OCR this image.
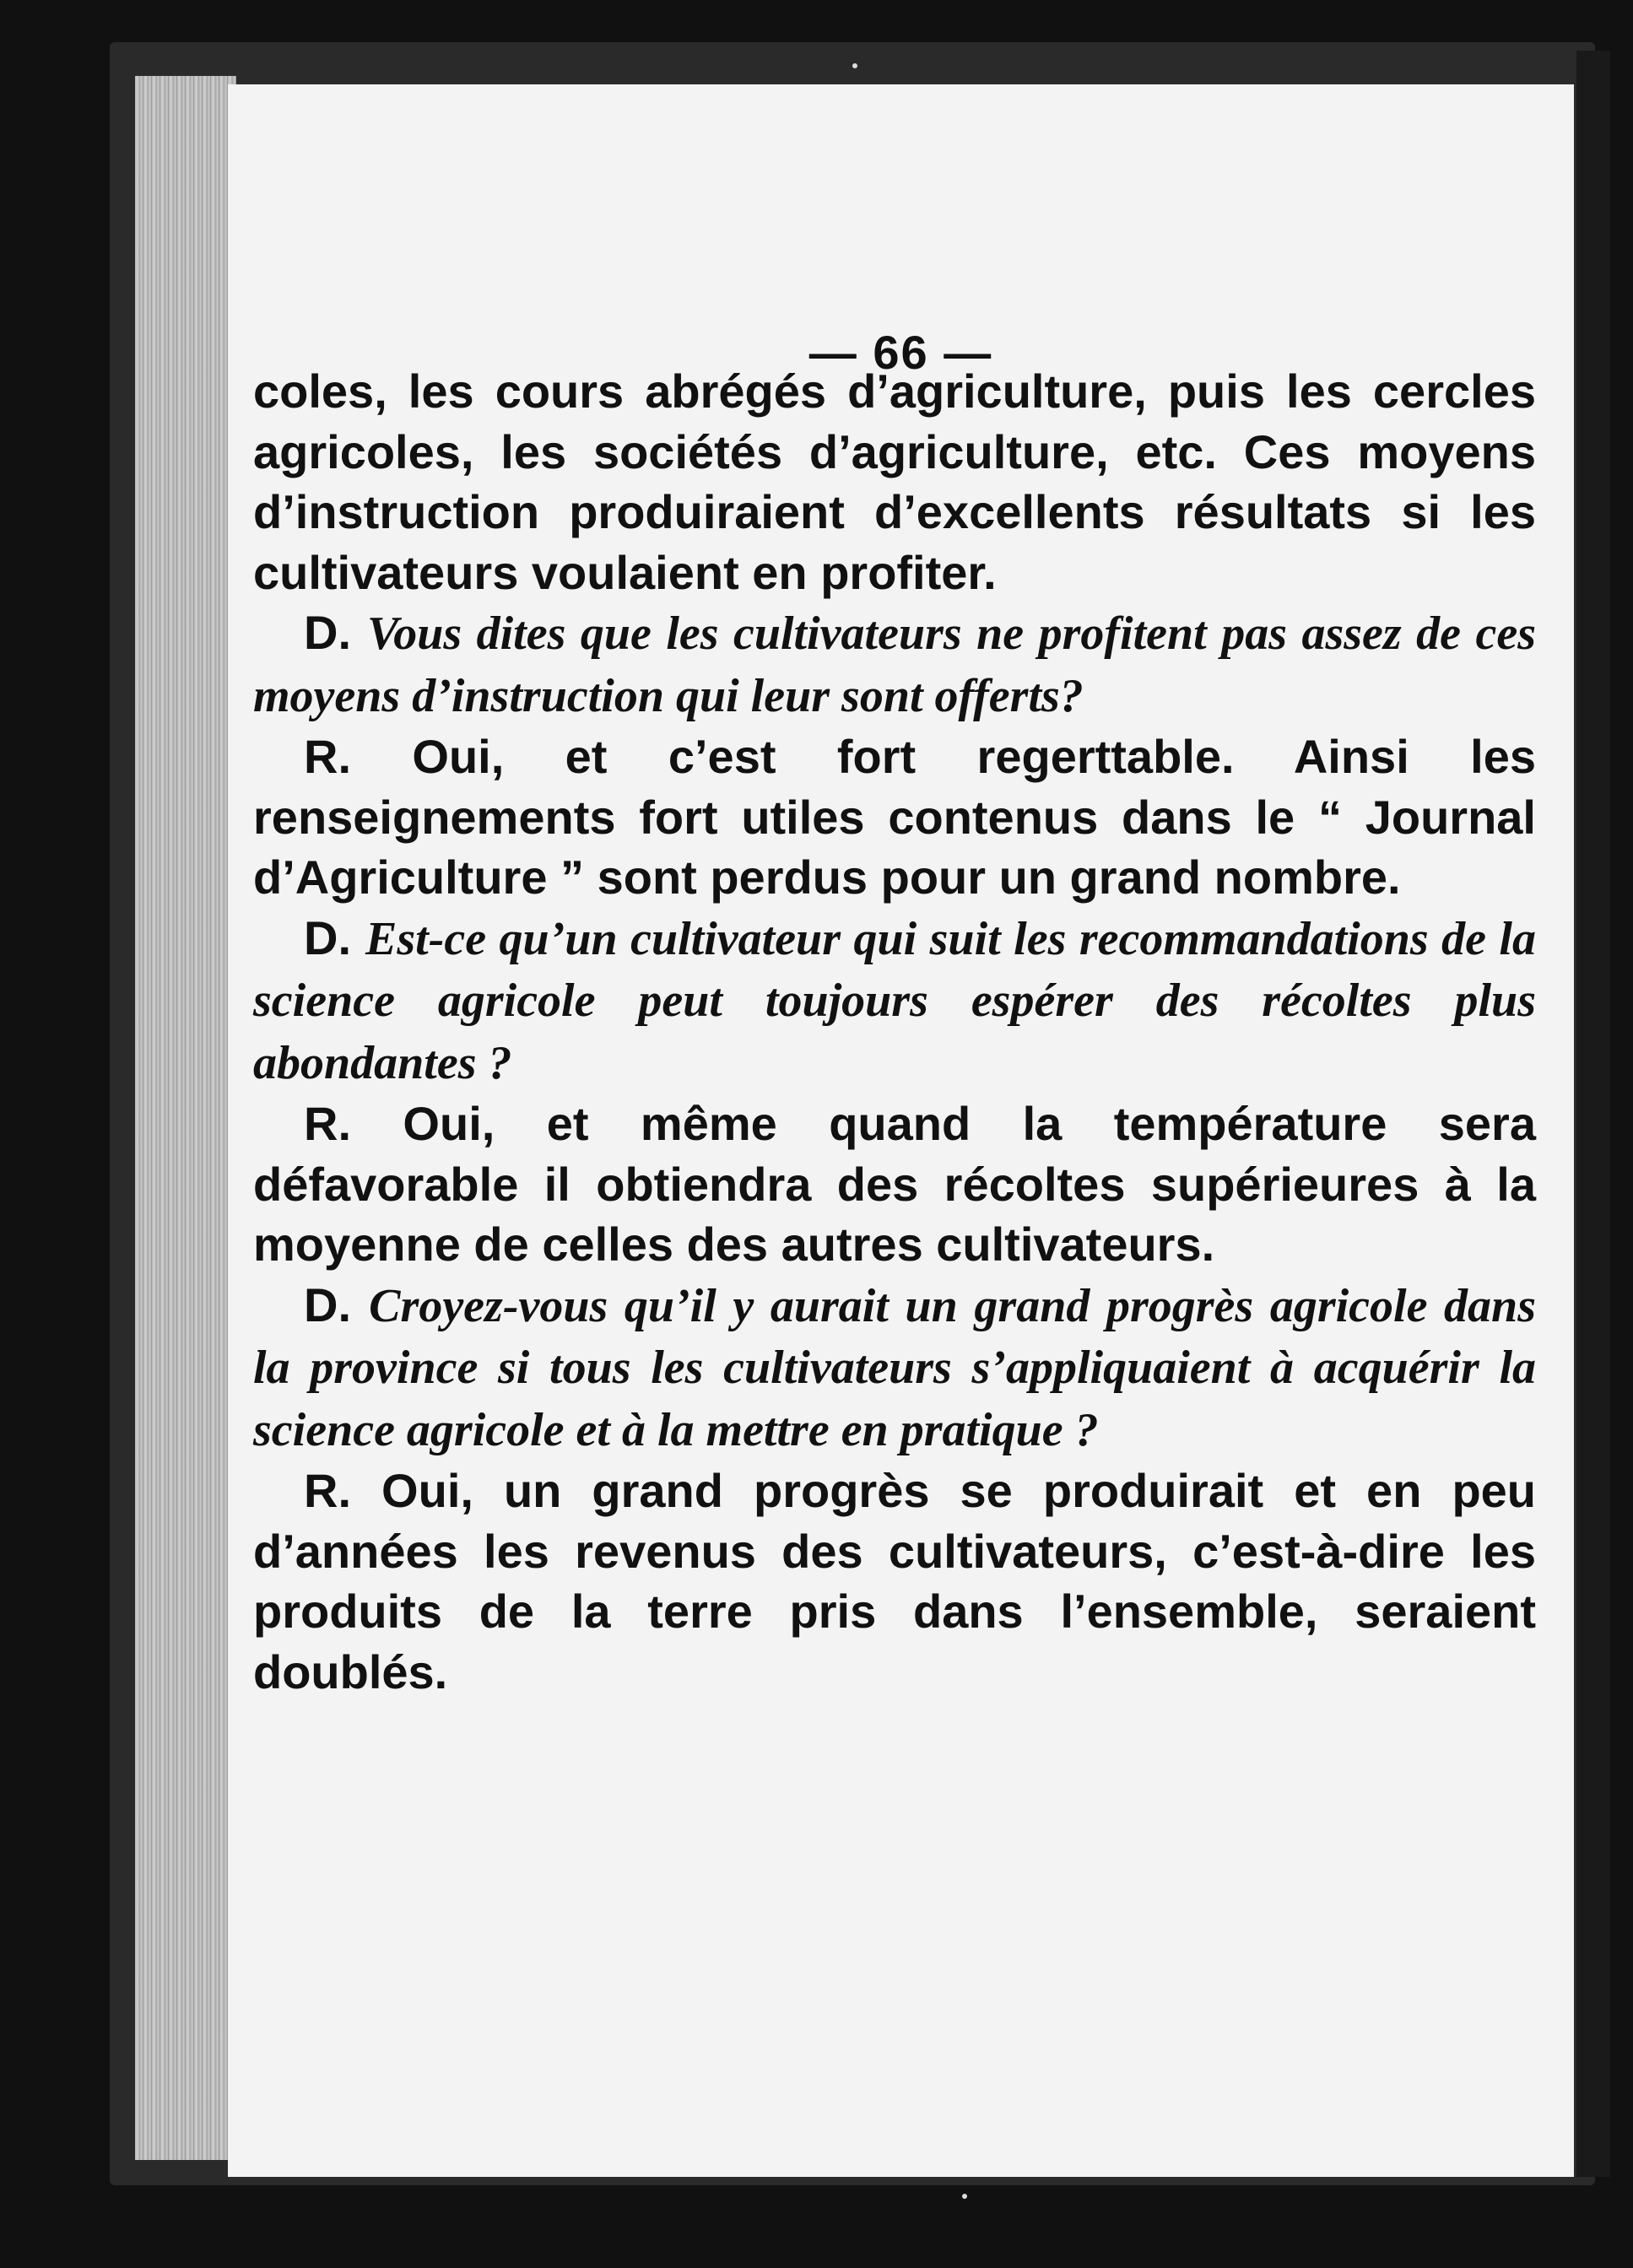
— 66 —

coles, les cours abrégés d’agriculture, puis les cercles agricoles, les sociétés d’agriculture, etc. Ces moyens d’instruction produiraient d’excellents résultats si les cultivateurs voulaient en profiter.

D. Vous dites que les cultivateurs ne profitent pas assez de ces moyens d’instruction qui leur sont offerts?

R. Oui, et c’est fort regerttable. Ainsi les renseignements fort utiles contenus dans le “ Journal d’Agriculture ” sont perdus pour un grand nombre.

D. Est-ce qu’un cultivateur qui suit les recommandations de la science agricole peut toujours espérer des récoltes plus abondantes ?

R. Oui, et même quand la température sera défavorable il obtiendra des récoltes supérieures à la moyenne de celles des autres cultivateurs.

D. Croyez-vous qu’il y aurait un grand progrès agricole dans la province si tous les cultivateurs s’appliquaient à acquérir la science agricole et à la mettre en pratique ?

R. Oui, un grand progrès se produirait et en peu d’années les revenus des cultivateurs, c’est-à-dire les produits de la terre pris dans l’ensemble, seraient doublés.
